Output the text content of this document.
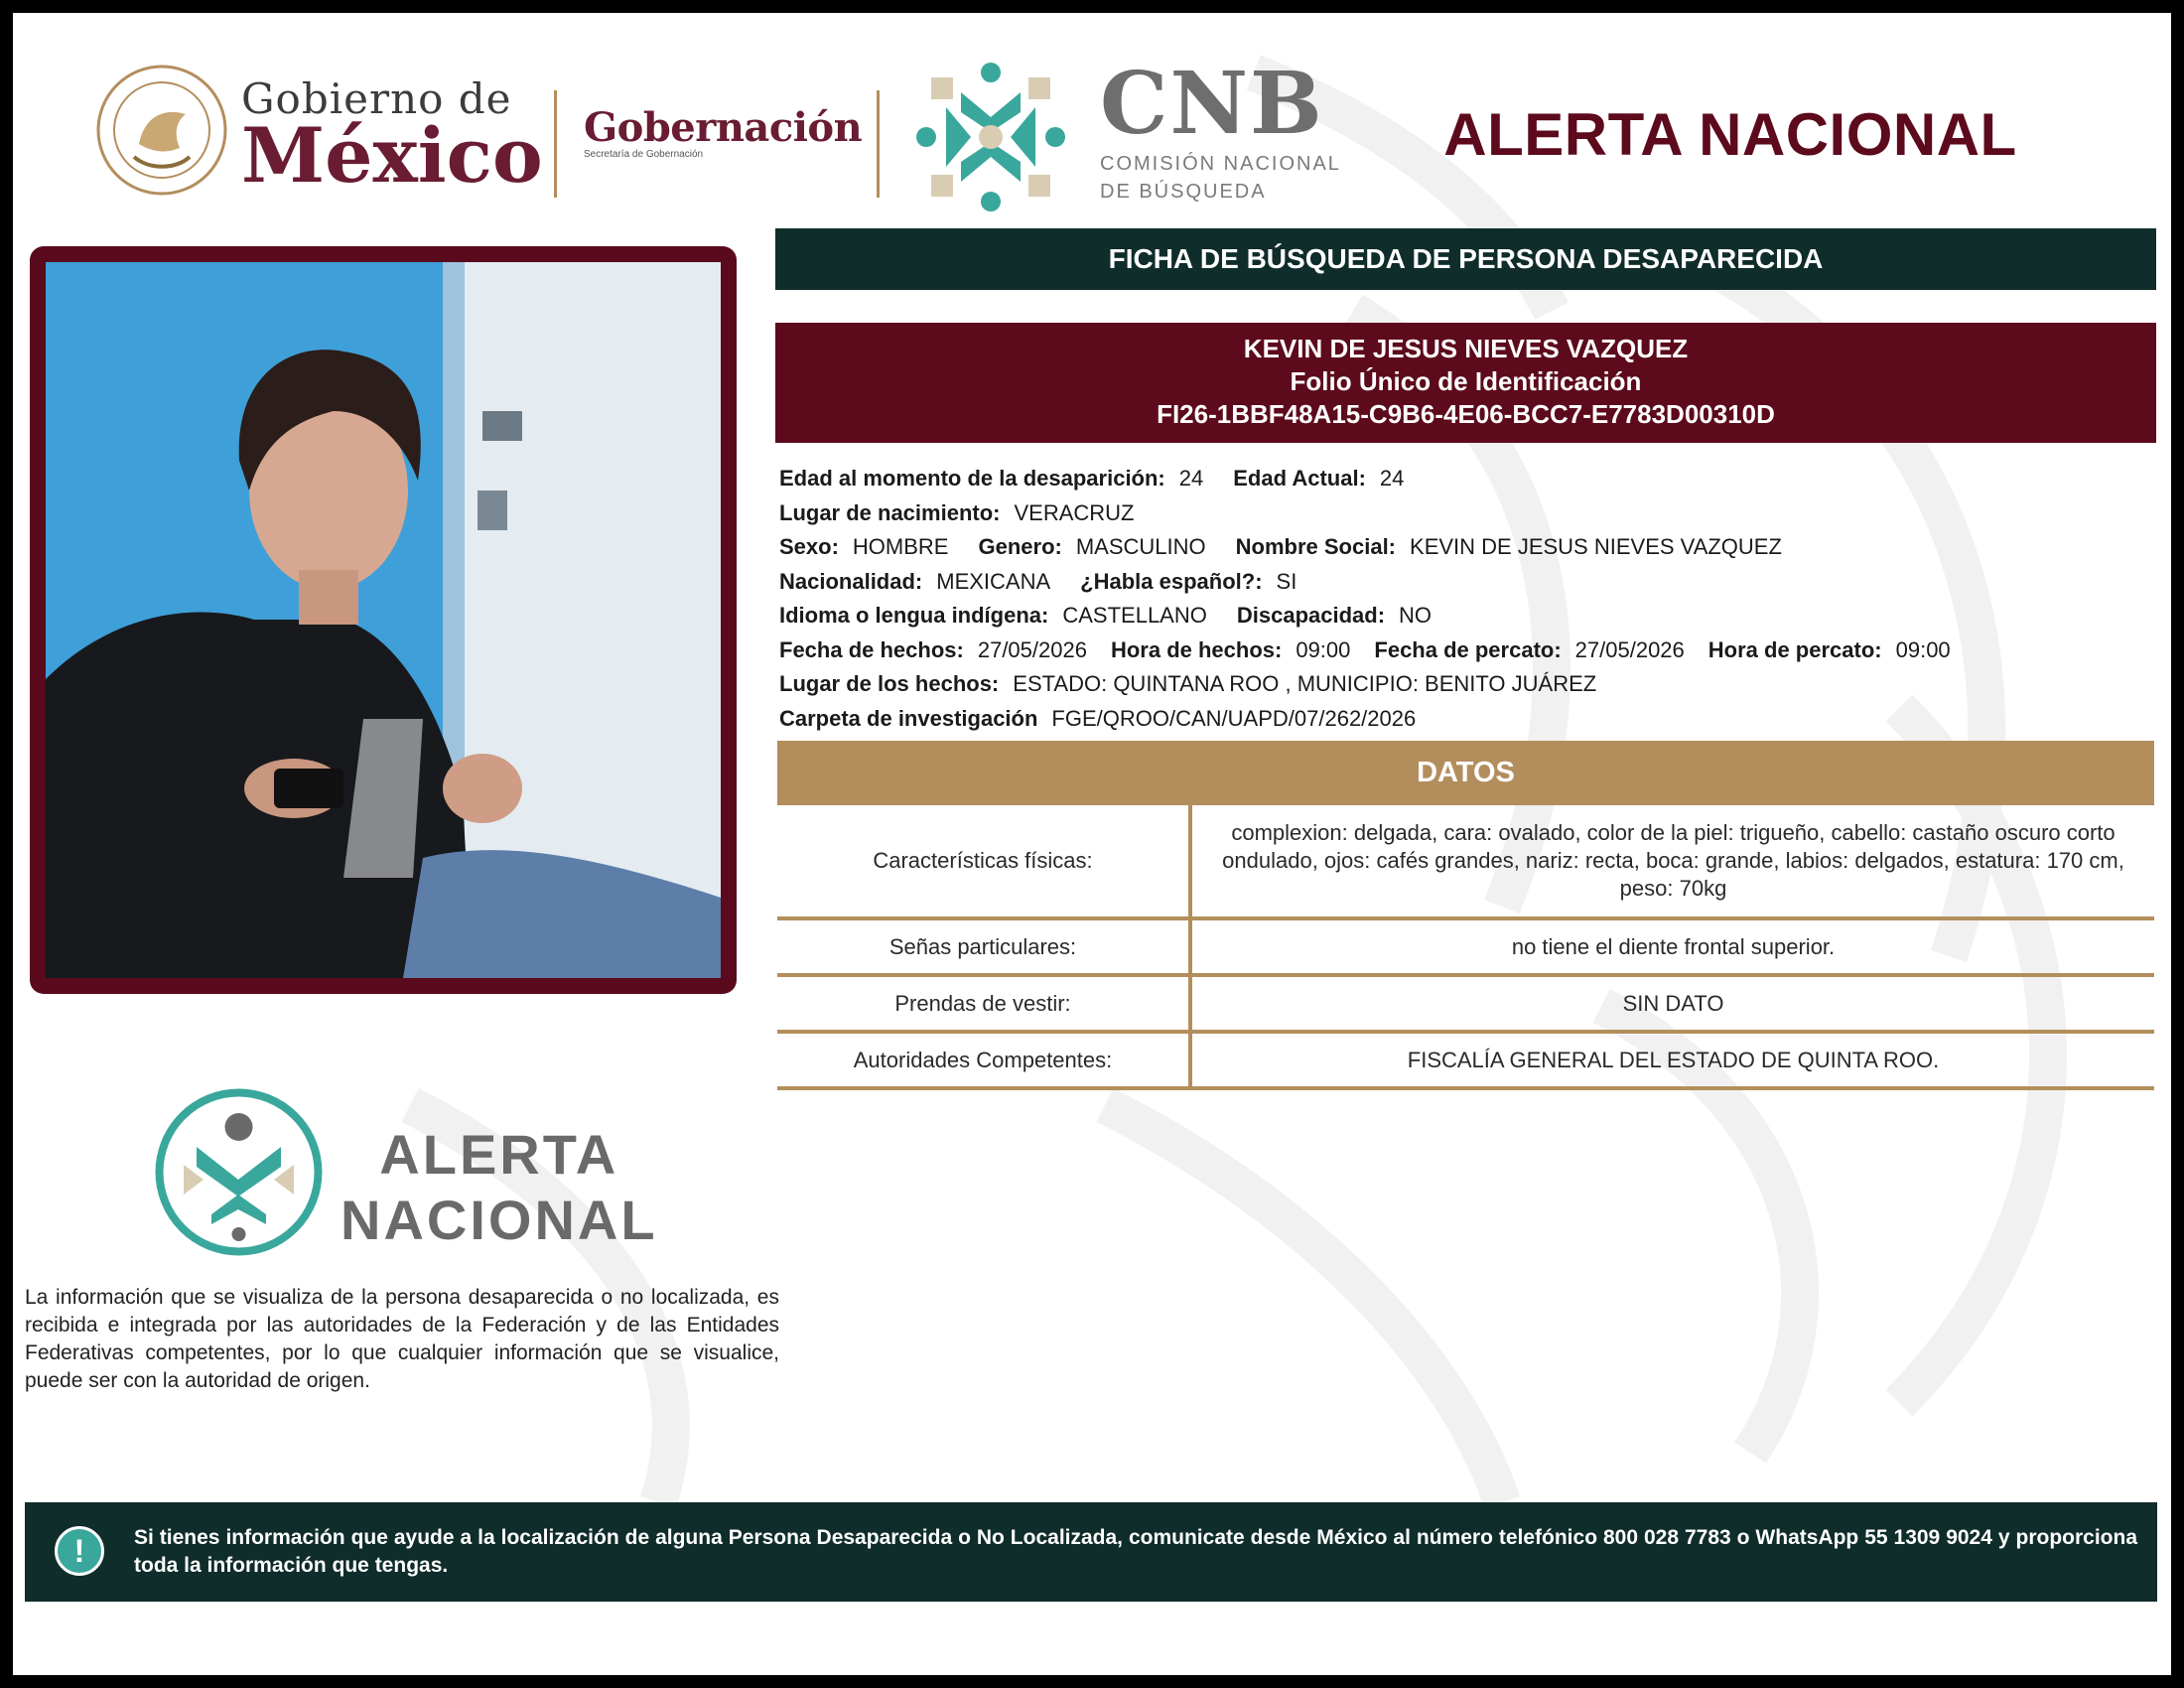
Gobierno de
México Gobernación
Secretaría de Gobernación
CNB
COMISIÓN NACIONAL
DE BÚSQUEDA
ALERTA NACIONAL
FICHA DE BÚSQUEDA DE PERSONA DESAPARECIDA
KEVIN DE JESUS NIEVES VAZQUEZ
Folio Único de Identificación
FI26-1BBF48A15-C9B6-4E06-BCC7-E7783D00310D
Edad al momento de la desaparición: 24 Edad Actual: 24
Lugar de nacimiento: VERACRUZ
Sexo: HOMBRE Genero: MASCULINO Nombre Social: KEVIN DE JESUS NIEVES VAZQUEZ
Nacionalidad: MEXICANA ¿Habla español?: SI
Idioma o lengua indígena: CASTELLANO Discapacidad: NO
Fecha de hechos: 27/05/2026 Hora de hechos: 09:00 Fecha de percato: 27/05/2026 Hora de percato: 09:00
Lugar de los hechos: ESTADO: QUINTANA ROO , MUNICIPIO: BENITO JUÁREZ
Carpeta de investigación FGE/QROO/CAN/UAPD/07/262/2026
DATOS
Características físicas:	complexion: delgada, cara: ovalado, color de la piel: trigueño, cabello: castaño oscuro corto ondulado, ojos: cafés grandes, nariz: recta, boca: grande, labios: delgados, estatura: 170 cm, peso: 70kg
Señas particulares:	no tiene el diente frontal superior.
Prendas de vestir:	SIN DATO
Autoridades Competentes:	FISCALÍA GENERAL DEL ESTADO DE QUINTA ROO.
ALERTA
NACIONAL
La información que se visualiza de la persona desaparecida o no localizada, es recibida e integrada por las autoridades de la Federación y de las Entidades Federativas competentes, por lo que cualquier información que se visualice, puede ser con la autoridad de origen.
!	Si tienes información que ayude a la localización de alguna Persona Desaparecida o No Localizada, comunicate desde México al número telefónico 800 028 7783 o WhatsApp 55 1309 9024 y proporciona toda la información que tengas.
